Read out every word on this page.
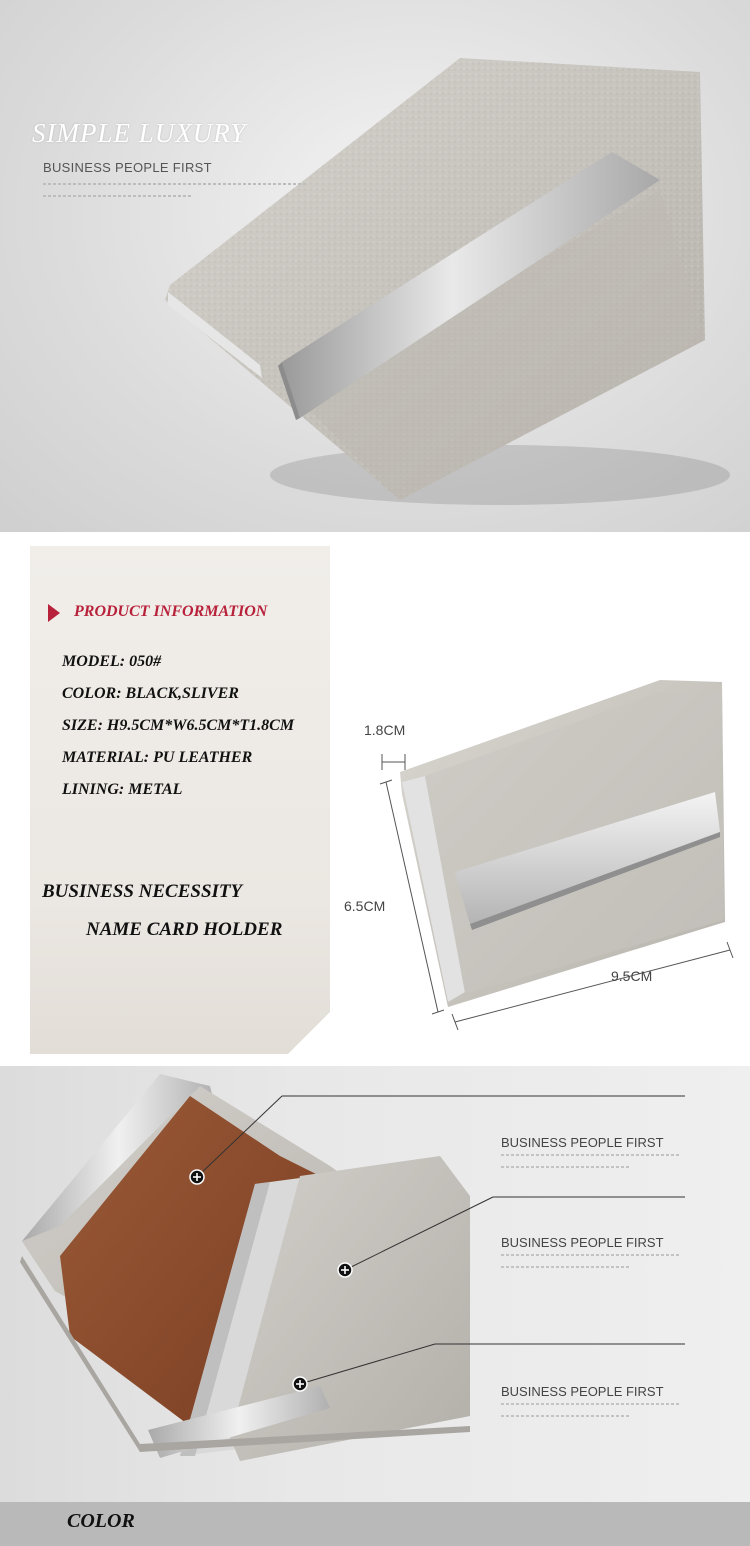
SIMPLE LUXURY
BUSINESS PEOPLE FIRST
PRODUCT INFORMATION
MODEL: 050#
COLOR: BLACK,SLIVER
SIZE: H9.5CM*W6.5CM*T1.8CM
MATERIAL: PU LEATHER
LINING: METAL
BUSINESS NECESSITY
NAME CARD HOLDER
1.8CM
6.5CM
9.5CM
BUSINESS PEOPLE FIRST
BUSINESS PEOPLE FIRST
BUSINESS PEOPLE FIRST
COLOR
